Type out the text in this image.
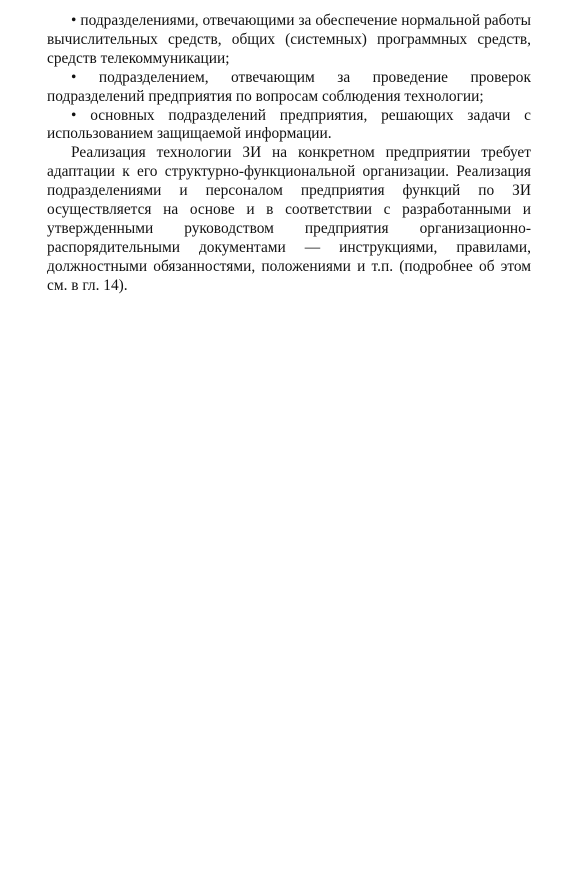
• подразделениями, отвечающими за обеспечение нормальной работы вычислительных средств, общих (системных) программных средств, средств телекоммуникации;

• подразделением, отвечающим за проведение проверок подразделений предприятия по вопросам соблюдения технологии;

• основных подразделений предприятия, решающих задачи с использованием защищаемой информации.

Реализация технологии ЗИ на конкретном предприятии требует адаптации к его структурно-функциональной организации. Реализация подразделениями и персоналом предприятия функций по ЗИ осуществляется на основе и в соответствии с разработанными и утвержденными руководством предприятия организационно-распорядительными документами — инструкциями, правилами, должностными обязанностями, положениями и т.п. (подробнее об этом см. в гл. 14).
